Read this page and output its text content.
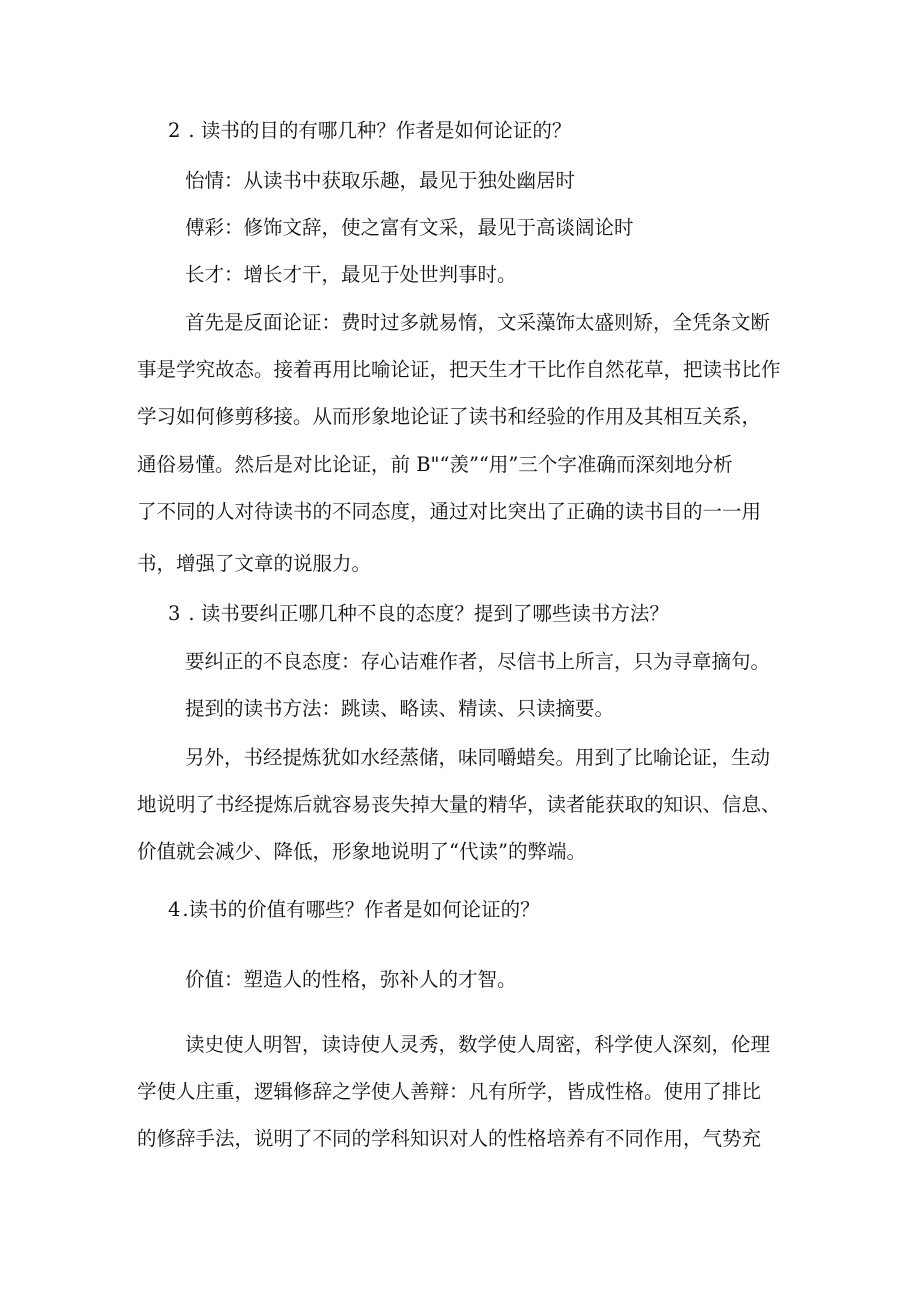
2 . 读书的目的有哪几种？作者是如何论证的？

怡情：从读书中获取乐趣，最见于独处幽居时

傅彩：修饰文辞，使之富有文采，最见于高谈阔论时

长才：增长才干，最见于处世判事时。

首先是反面论证：费时过多就易惰，文采藻饰太盛则矫，全凭条文断

事是学究故态。接着再用比喻论证，把天生才干比作自然花草，把读书比作

学习如何修剪移接。从而形象地论证了读书和经验的作用及其相互关系，

通俗易懂。然后是对比论证，前 B"“羡”“用”三个字准确而深刻地分析

了不同的人对待读书的不同态度，通过对比突出了正确的读书目的一一用

书，增强了文章的说服力。

3 . 读书要纠正哪几种不良的态度？提到了哪些读书方法？

要纠正的不良态度：存心诘难作者，尽信书上所言，只为寻章摘句。

提到的读书方法：跳读、略读、精读、只读摘要。

另外，书经提炼犹如水经蒸储，味同嚼蜡矣。用到了比喻论证，生动

地说明了书经提炼后就容易丧失掉大量的精华，读者能获取的知识、信息、

价值就会减少、降低，形象地说明了“代读”的弊端。

4 .读书的价值有哪些？作者是如何论证的？

价值：塑造人的性格，弥补人的才智。

读史使人明智，读诗使人灵秀，数学使人周密，科学使人深刻，伦理

学使人庄重，逻辑修辞之学使人善辩：凡有所学，皆成性格。使用了排比

的修辞手法，说明了不同的学科知识对人的性格培养有不同作用，气势充
